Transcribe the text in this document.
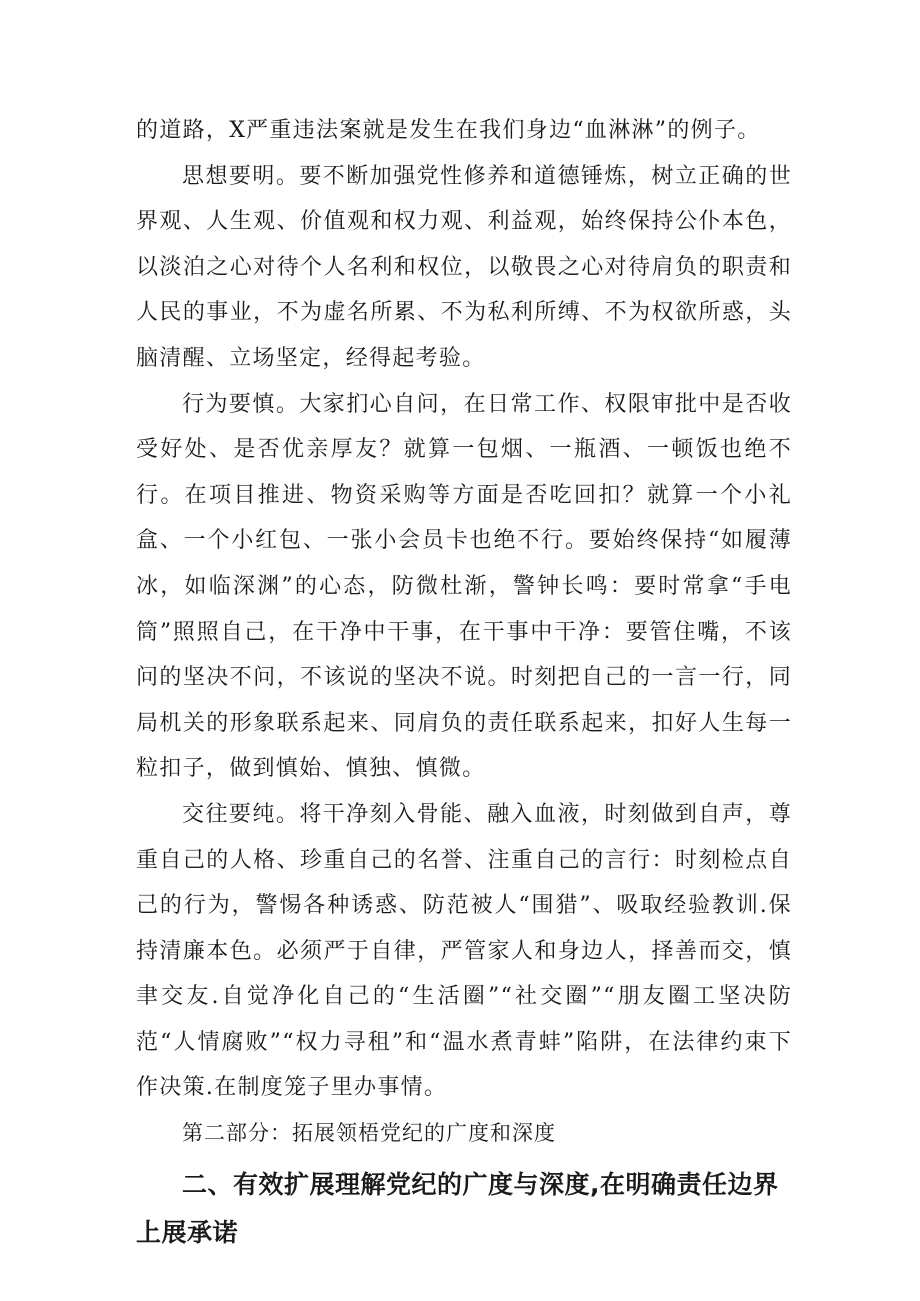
的道路，X严重违法案就是发生在我们身边“血淋淋”的例子。

思想要明。要不断加强党性修养和道德锤炼，树立正确的世界观、人生观、价值观和权力观、利益观，始终保持公仆本色，以淡泊之心对待个人名利和权位，以敬畏之心对待肩负的职责和人民的事业，不为虚名所累、不为私利所缚、不为权欲所惑，头脑清醒、立场坚定，经得起考验。

行为要慎。大家扪心自问，在日常工作、权限审批中是否收受好处、是否优亲厚友？就算一包烟、一瓶酒、一顿饭也绝不行。在项目推进、物资采购等方面是否吃回扣？就算一个小礼盒、一个小红包、一张小会员卡也绝不行。要始终保持“如履薄冰，如临深渊”的心态，防微杜渐，警钟长鸣：要时常拿“手电筒”照照自己，在干净中干事，在干事中干净：要管住嘴，不该问的坚决不问，不该说的坚决不说。时刻把自己的一言一行，同局机关的形象联系起来、同肩负的责任联系起来，扣好人生每一粒扣子，做到慎始、慎独、慎微。

交往要纯。将干净刻入骨能、融入血液，时刻做到自声，尊重自己的人格、珍重自己的名誉、注重自己的言行：时刻检点自己的行为，警惕各种诱惑、防范被人“围猎”、吸取经验教训.保持清廉本色。必须严于自律，严管家人和身边人，择善而交，慎聿交友.自觉净化自己的“生活圈”“社交圈”“朋友圈工坚决防范“人情腐败”“权力寻租”和“温水煮青蚌”陷阱，在法律约束下作决策.在制度笼子里办事情。

第二部分：拓展领梧党纪的广度和深度

二、有效扩展理解党纪的广度与深度,在明确责任边界上展承诺
